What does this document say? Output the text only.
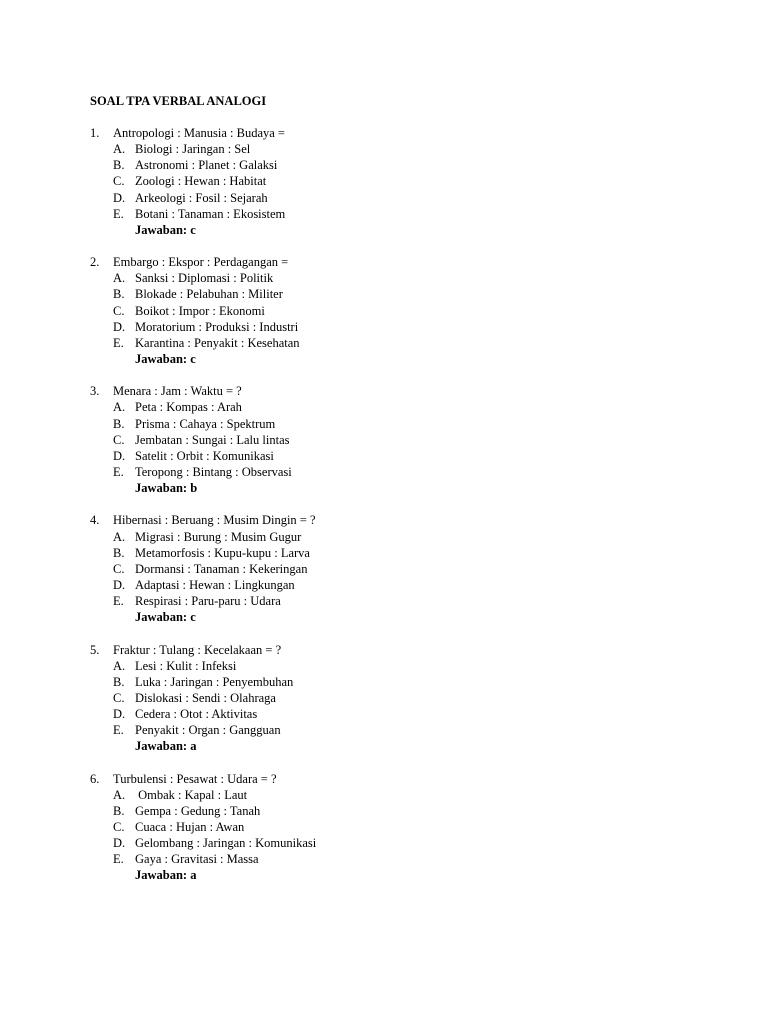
SOAL TPA VERBAL ANALOGI
1. Antropologi : Manusia : Budaya =
A. Biologi : Jaringan : Sel
B. Astronomi : Planet : Galaksi
C. Zoologi : Hewan : Habitat
D. Arkeologi : Fosil : Sejarah
E. Botani : Tanaman : Ekosistem
Jawaban: c
2. Embargo : Ekspor : Perdagangan =
A. Sanksi : Diplomasi : Politik
B. Blokade : Pelabuhan : Militer
C. Boikot : Impor : Ekonomi
D. Moratorium : Produksi : Industri
E. Karantina : Penyakit : Kesehatan
Jawaban: c
3. Menara : Jam : Waktu = ?
A. Peta : Kompas : Arah
B. Prisma : Cahaya : Spektrum
C. Jembatan : Sungai : Lalu lintas
D. Satelit : Orbit : Komunikasi
E. Teropong : Bintang : Observasi
Jawaban: b
4. Hibernasi : Beruang : Musim Dingin = ?
A. Migrasi : Burung : Musim Gugur
B. Metamorfosis : Kupu-kupu : Larva
C. Dormansi : Tanaman : Kekeringan
D. Adaptasi : Hewan : Lingkungan
E. Respirasi : Paru-paru : Udara
Jawaban: c
5. Fraktur : Tulang : Kecelakaan = ?
A. Lesi : Kulit : Infeksi
B. Luka : Jaringan : Penyembuhan
C. Dislokasi : Sendi : Olahraga
D. Cedera : Otot : Aktivitas
E. Penyakit : Organ : Gangguan
Jawaban: a
6. Turbulensi : Pesawat : Udara = ?
A. Ombak : Kapal : Laut
B. Gempa : Gedung : Tanah
C. Cuaca : Hujan : Awan
D. Gelombang : Jaringan : Komunikasi
E. Gaya : Gravitasi : Massa
Jawaban: a
